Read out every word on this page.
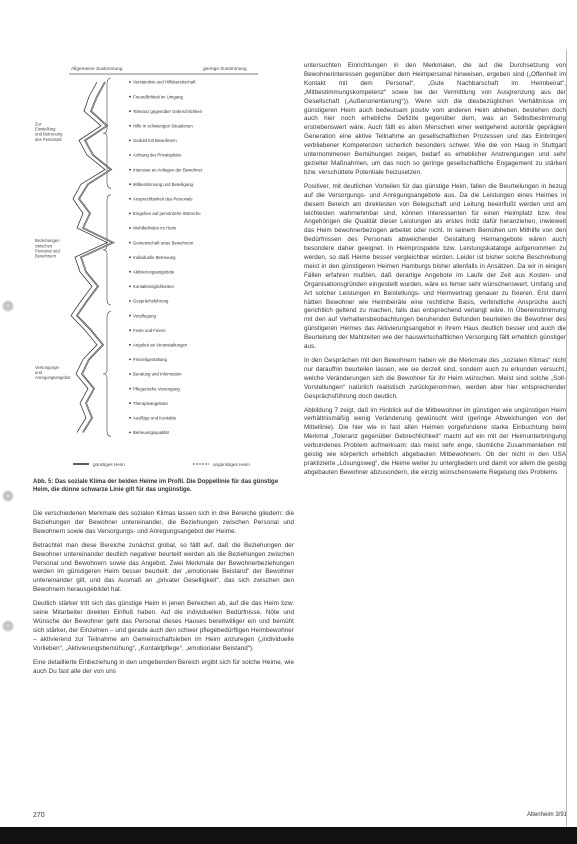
Allgemeine Zustimmung	geringe Zustimmung
Zur Einstellung und Betreuung des Personals
Beziehungen zwischen Personal und Bewohnern
Versorgungs-und Anregungsangebot
Verständnis und Hilfsbereitschaft
Freundlichkeit im Umgang
Toleranz gegenüber Gebrechlichkeit
Hilfe in schwierigen Situationen
Geduld mit Bewohnern
Achtung der Privatsphäre
Interesse an Anliegen der Bewohner
Mitbestimmung und Beteiligung
Ansprechbarkeit des Personals
Eingehen auf persönliche Wünsche
Wohlbefinden im Heim
Gemeinschaft unter Bewohnern
Individuelle Betreuung
Aktivierungsangebote
Kontaktmöglichkeiten
Gesprächsführung
Verpflegung
Feste und Feiern
Angebot an Veranstaltungen
Freizeitgestaltung
Beratung und Information
Pflegerische Versorgung
Therapieangebote
Ausflüge und Kontakte
Betreuungsqualität
günstiges Heim	ungünstiges Heim
Abb. 5: Das soziale Klima der beiden Heime im Profil. Die Doppellinie für das günstige Heim, die dünne schwarze Linie gilt für das ungünstige.

Die verschiedenen Merkmale des sozialen Klimas lassen sich in drei Bereiche gliedern: die Beziehungen der Bewohner untereinander, die Beziehungen zwischen Personal und Bewohnern sowie das Versorgungs- und Anregungsangebot der Heime.

Betrachtet man diese Bereiche zunächst global, so fällt auf, daß die Beziehungen der Bewohner untereinander deutlich negativer beurteilt werden als die Beziehungen zwischen Personal und Bewohnern sowie das Angebot. Zwei Merkmale der Bewohnerbeziehungen werden im günstigeren Heim besser beurteilt: der „emotionale Beistand" der Bewohner untereinander gilt, und das Ausmaß an „privater Geselligkeit", das sich zwischen den Bewohnern herausgebildet hat.

Deutlich stärker tritt sich das günstige Heim in jenen Bereichen ab, auf die das Heim bzw. seine Mitarbeiter direkten Einfluß haben. Auf die individuellen Bedürfnisse, Nöte und Wünsche der Bewohner geht das Personal dieses Hauses bereitwilliger ein und bemüht sich stärker, der Einzelnen – und gerade auch den schwer pflegebedürftigen Heimbewohner – aktivierend zur Teilnahme am Gemeinschaftsleben im Heim anzuregen („individuelle Vorlieben“, „Aktivierungsbemühung“, „Kontaktpflege“, „emotionaler Beistand“).

Eine detaillierte Einbeziehung in den umgebenden Bereich ergibt sich für solche Heime, wie auch Du fast alle der von uns

untersuchten Einrichtungen in den Merkmalen, die auf die Durchsetzung von Bewohnerinteressen gegenüber dem Heimpersonal hinweisen, ergeben sind („Offenheit im Kontakt mit dem Personal“, „Gute Nachbarschaft im Heimbeirat“, „Mitbestimmungskompetenz“ sowie bei der Vermittlung von Ausgrenzung aus der Gesellschaft („Außenorientierung“)). Wenn sich die diesbezüglichen Verhältnisse im günstigeren Heim auch bedeutsam positiv vom anderen Heim abheben, bestehen doch auch hier noch erhebliche Defizite gegenüber dem, was an Selbstbestimmung erstrebenswert wäre. Auch fällt es alten Menschen einer weitgehend autoritär geprägten Generation eine aktive Teilnahme an gesellschaftlichen Prozessen und das Einbringen verbliebener Kompetenzen sicherlich besonders schwer. Wie die von Haug in Stuttgart unternommenen Bemühungen zeigen, bedarf es erheblicher Anstrengungen und sehr gezielter Maßnahmen, um das noch so geringe gesellschaftliche Engagement zu stärken bzw. verschüttete Potentiale freizusetzen.

Positiver, mit deutlichen Vorteilen für das günstige Heim, fallen die Beurteilungen in bezug auf die Versorgungs- und Anregungsangebote aus. Da die Leistungen eines Heimes in diesem Bereich am direktesten von Belegschaft und Leitung beeinflußt werden und am leichtesten wahrnehmbar sind, können Interessenten für einen Heimplatz bzw. ihre Angehörigen die Qualität dieser Leistungen als erstes Indiz dafür heranziehen, inwieweit das Heim bewohnerbezogen arbeitet oder nicht. In seinem Bemühen um Mithilfe von den Bedürfnissen des Personals abweichender Gestaltung Heimangebote wären auch besondere daher geeignet. In Heimprospekte bzw. Leistungskataloge aufgenommen zu werden, so daß Heime besser vergleichbar würden. Leider ist bisher solche Beschreibung meist in den günstigeren Heimen Hamburgs bisher allenfalls in Ansätzen. Da wir in einigen Fällen erfahren mußten, daß derartige Angebote im Laufe der Zeit aus Kosten- und Organisationsgründen eingestellt wurden, wäre es ferner sehr wünschenswert, Umfang und Art solcher Leistungen im Beistellungs- und Heimvertrag genauer zu fixieren. Erst dann hätten Bewohner wie Heimbeiräte eine rechtliche Basis, verbindliche Ansprüche auch gerichtlich geltend zu machen, falls das entsprechend verlangt wäre. In Übereinstimmung mit den auf Verhaltensbeobachtungen beruhenden Befunden beurteilen die Bewohner des günstigeren Heimes das Aktivierungsangebot in ihrem Haus deutlich besser und auch die Beurteilung der Mahlzeiten wie der hauswirtschaftlichen Versorgung fällt erheblich günstiger aus.

In den Gesprächen mit den Bewohnern haben wir die Merkmale des „sozialen Klimas“ nicht nur daraufhin beurteilen lassen, wie sie derzeit sind, sondern auch zu erkunden versucht, welche Veränderungen sich die Bewohner für ihr Heim wünschen. Meist sind solche „Soll-Vorstellungen“ natürlich realistisch zurückgenommen, werden aber hier entsprechender Gesprächsführung doch deutlich.

Abbildung 7 zeigt, daß im Hinblick auf die Mitbewohner im günstigen wie ungünstigen Heim verhältnismäßig wenig Veränderung gewünscht wird (geringe Abweichungen von der Mittellinie). Die hier wie in fast allen Heimen vorgefundene starke Einbuchtung beim Merkmal „Toleranz gegenüber Gebrechlichkeit“ macht auf ein mit der Heimunterbringung verbundenes Problem aufmerksam: das meist sehr enge, räumliche Zusammenleben mit geistig wie körperlich erheblich abgebauten Mitbewohnern. Ob der nicht in den USA praktizierte „Lösungsweg“, die Heime weiter zu untergliedern und damit vor allem die geistig abgebauten Bewohner abzusondern, die einzig wünschenswerte Regelung des Problems

270	Altenheim 3/91
